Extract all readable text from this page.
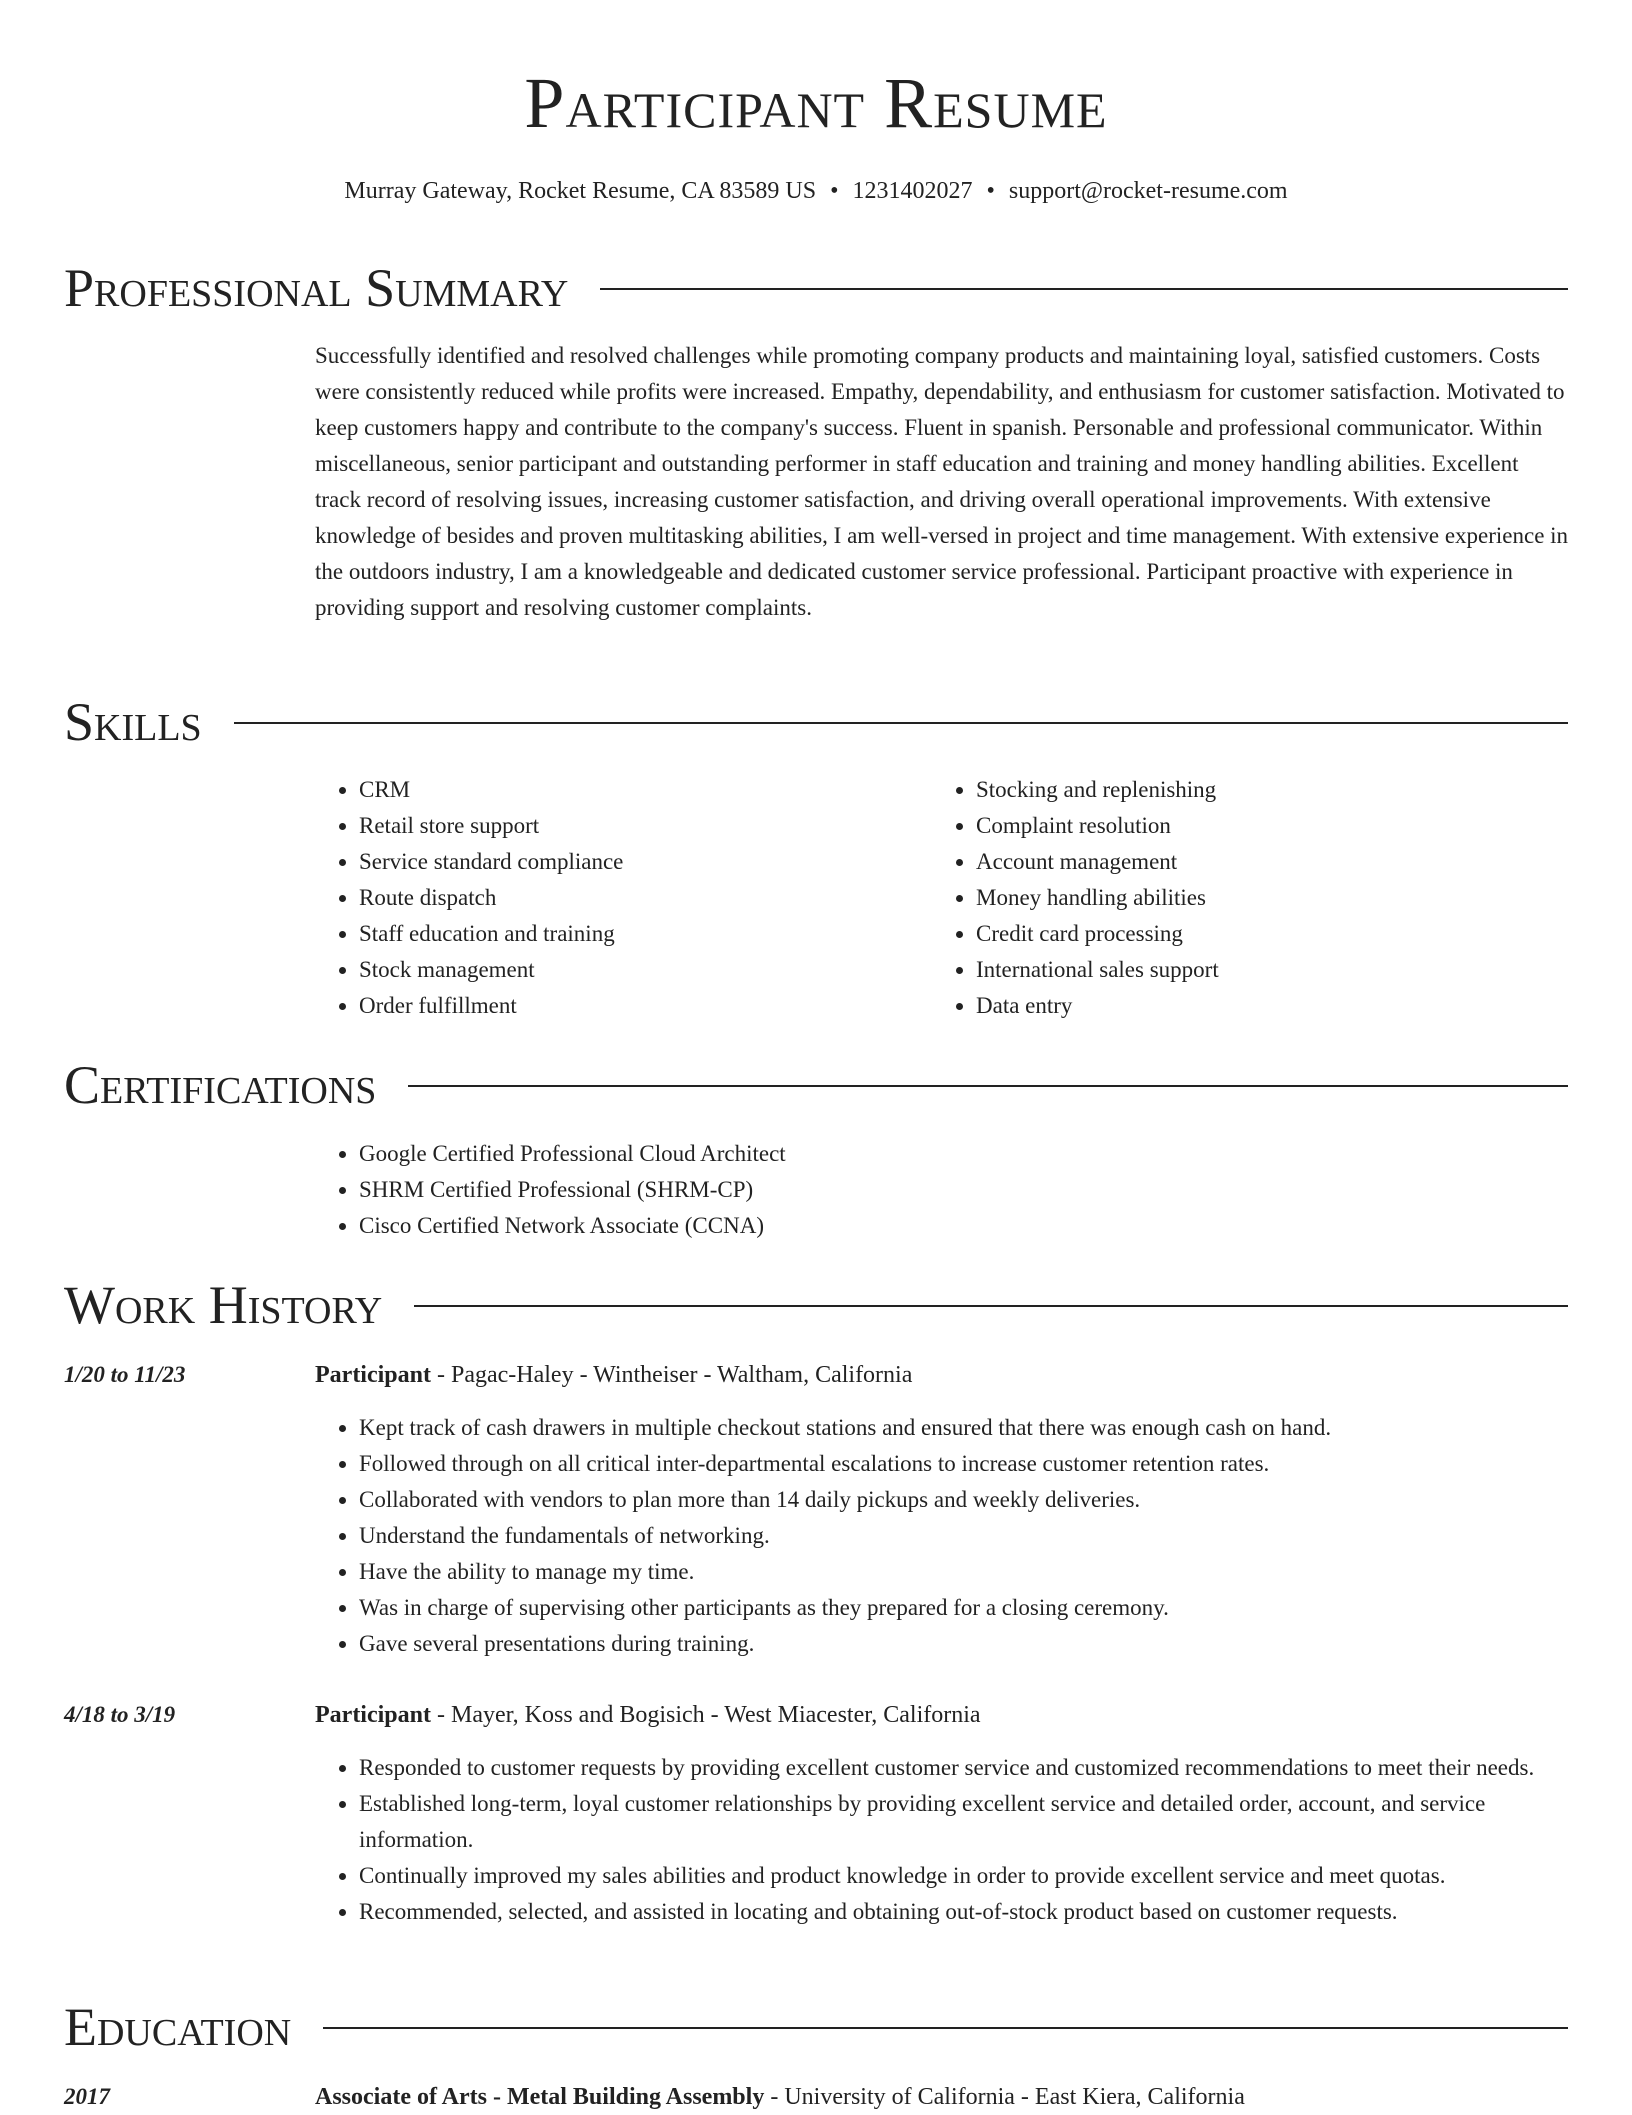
Participant Resume
Murray Gateway, Rocket Resume, CA 83589 US • 1231402027 • support@rocket-resume.com
Professional Summary
Successfully identified and resolved challenges while promoting company products and maintaining loyal, satisfied customers. Costs were consistently reduced while profits were increased. Empathy, dependability, and enthusiasm for customer satisfaction. Motivated to keep customers happy and contribute to the company's success. Fluent in spanish. Personable and professional communicator. Within miscellaneous, senior participant and outstanding performer in staff education and training and money handling abilities. Excellent track record of resolving issues, increasing customer satisfaction, and driving overall operational improvements. With extensive knowledge of besides and proven multitasking abilities, I am well-versed in project and time management. With extensive experience in the outdoors industry, I am a knowledgeable and dedicated customer service professional. Participant proactive with experience in providing support and resolving customer complaints.
Skills
• CRM
• Retail store support
• Service standard compliance
• Route dispatch
• Staff education and training
• Stock management
• Order fulfillment
• Stocking and replenishing
• Complaint resolution
• Account management
• Money handling abilities
• Credit card processing
• International sales support
• Data entry
Certifications
• Google Certified Professional Cloud Architect
• SHRM Certified Professional (SHRM-CP)
• Cisco Certified Network Associate (CCNA)
Work History
1/20 to 11/23	Participant - Pagac-Haley - Wintheiser - Waltham, California
• Kept track of cash drawers in multiple checkout stations and ensured that there was enough cash on hand.
• Followed through on all critical inter-departmental escalations to increase customer retention rates.
• Collaborated with vendors to plan more than 14 daily pickups and weekly deliveries.
• Understand the fundamentals of networking.
• Have the ability to manage my time.
• Was in charge of supervising other participants as they prepared for a closing ceremony.
• Gave several presentations during training.
4/18 to 3/19	Participant - Mayer, Koss and Bogisich - West Miacester, California
• Responded to customer requests by providing excellent customer service and customized recommendations to meet their needs.
• Established long-term, loyal customer relationships by providing excellent service and detailed order, account, and service information.
• Continually improved my sales abilities and product knowledge in order to provide excellent service and meet quotas.
• Recommended, selected, and assisted in locating and obtaining out-of-stock product based on customer requests.
Education
2017	Associate of Arts - Metal Building Assembly - University of California - East Kiera, California
